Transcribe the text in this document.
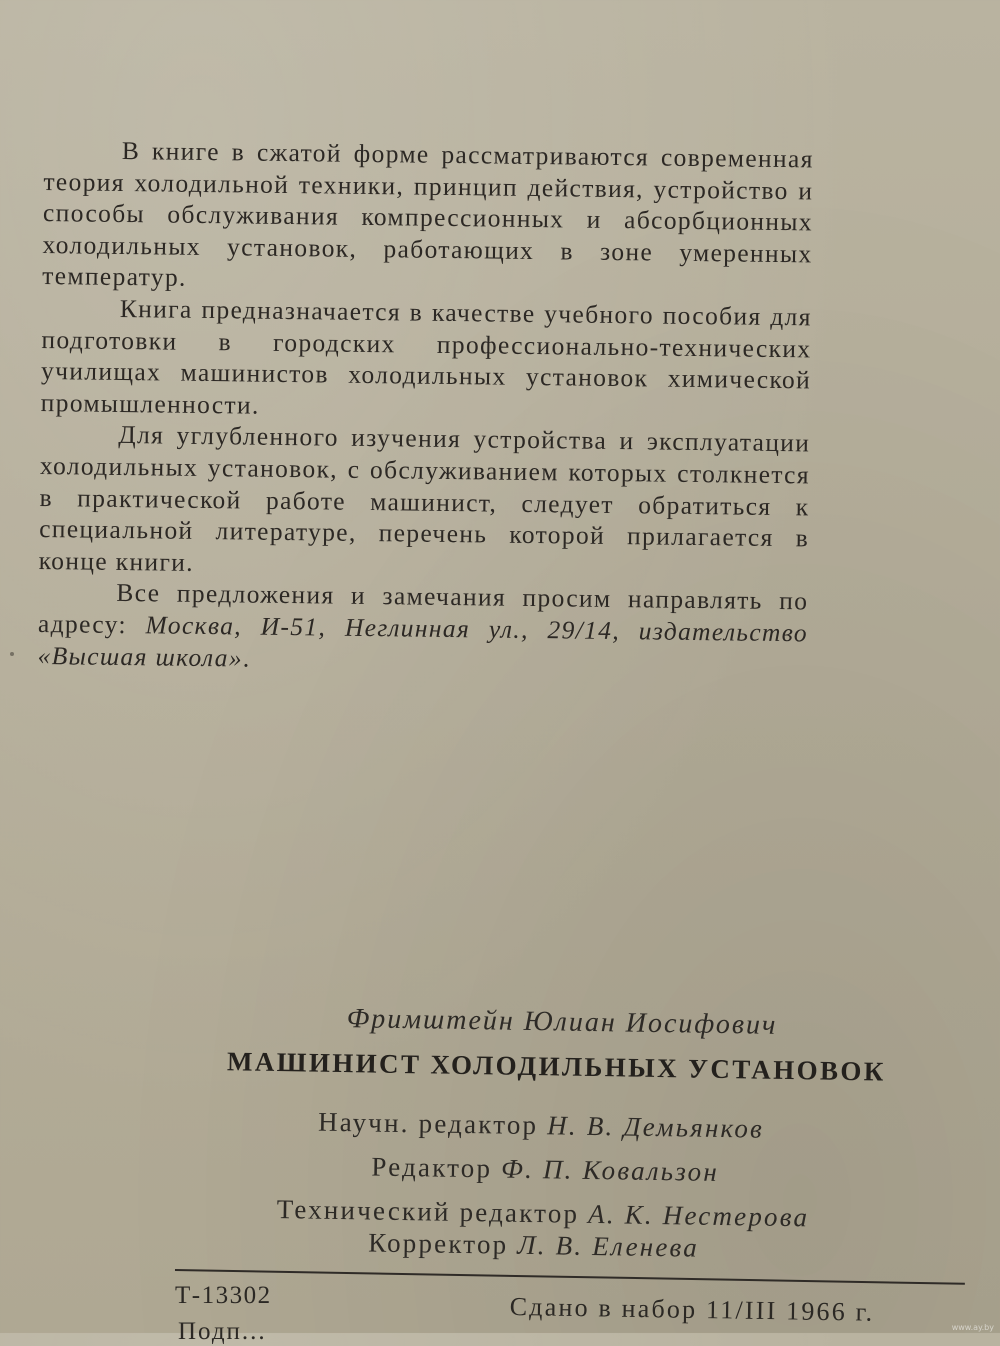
В книге в сжатой форме рассматриваются современная теория холодильной техники, принцип действия, устройство и способы обслуживания компрессионных и абсорбционных холодильных установок, работающих в зоне умеренных температур.

Книга предназначается в качестве учебного пособия для подготовки в городских профессионально-технических училищах машинистов холодильных установок химической промышленности.

Для углубленного изучения устройства и эксплуатации холодильных установок, с обслуживанием которых столкнется в практической работе машинист, следует обратиться к специальной литературе, перечень которой прилагается в конце книги.

Все предложения и замечания просим направлять по адресу: Москва, И-51, Неглинная ул., 29/14, издательство «Высшая школа».

Фримштейн Юлиан Иосифович
МАШИНИСТ ХОЛОДИЛЬНЫХ УСТАНОВОК
Научн. редактор Н. В. Демьянков
Редактор Ф. П. Ковальзон
Технический редактор А. К. Нестерова
Корректор Л. В. Еленева
Т-13302	Сдано в набор 11/III 1966 г.
Подп...	www.ay.by
